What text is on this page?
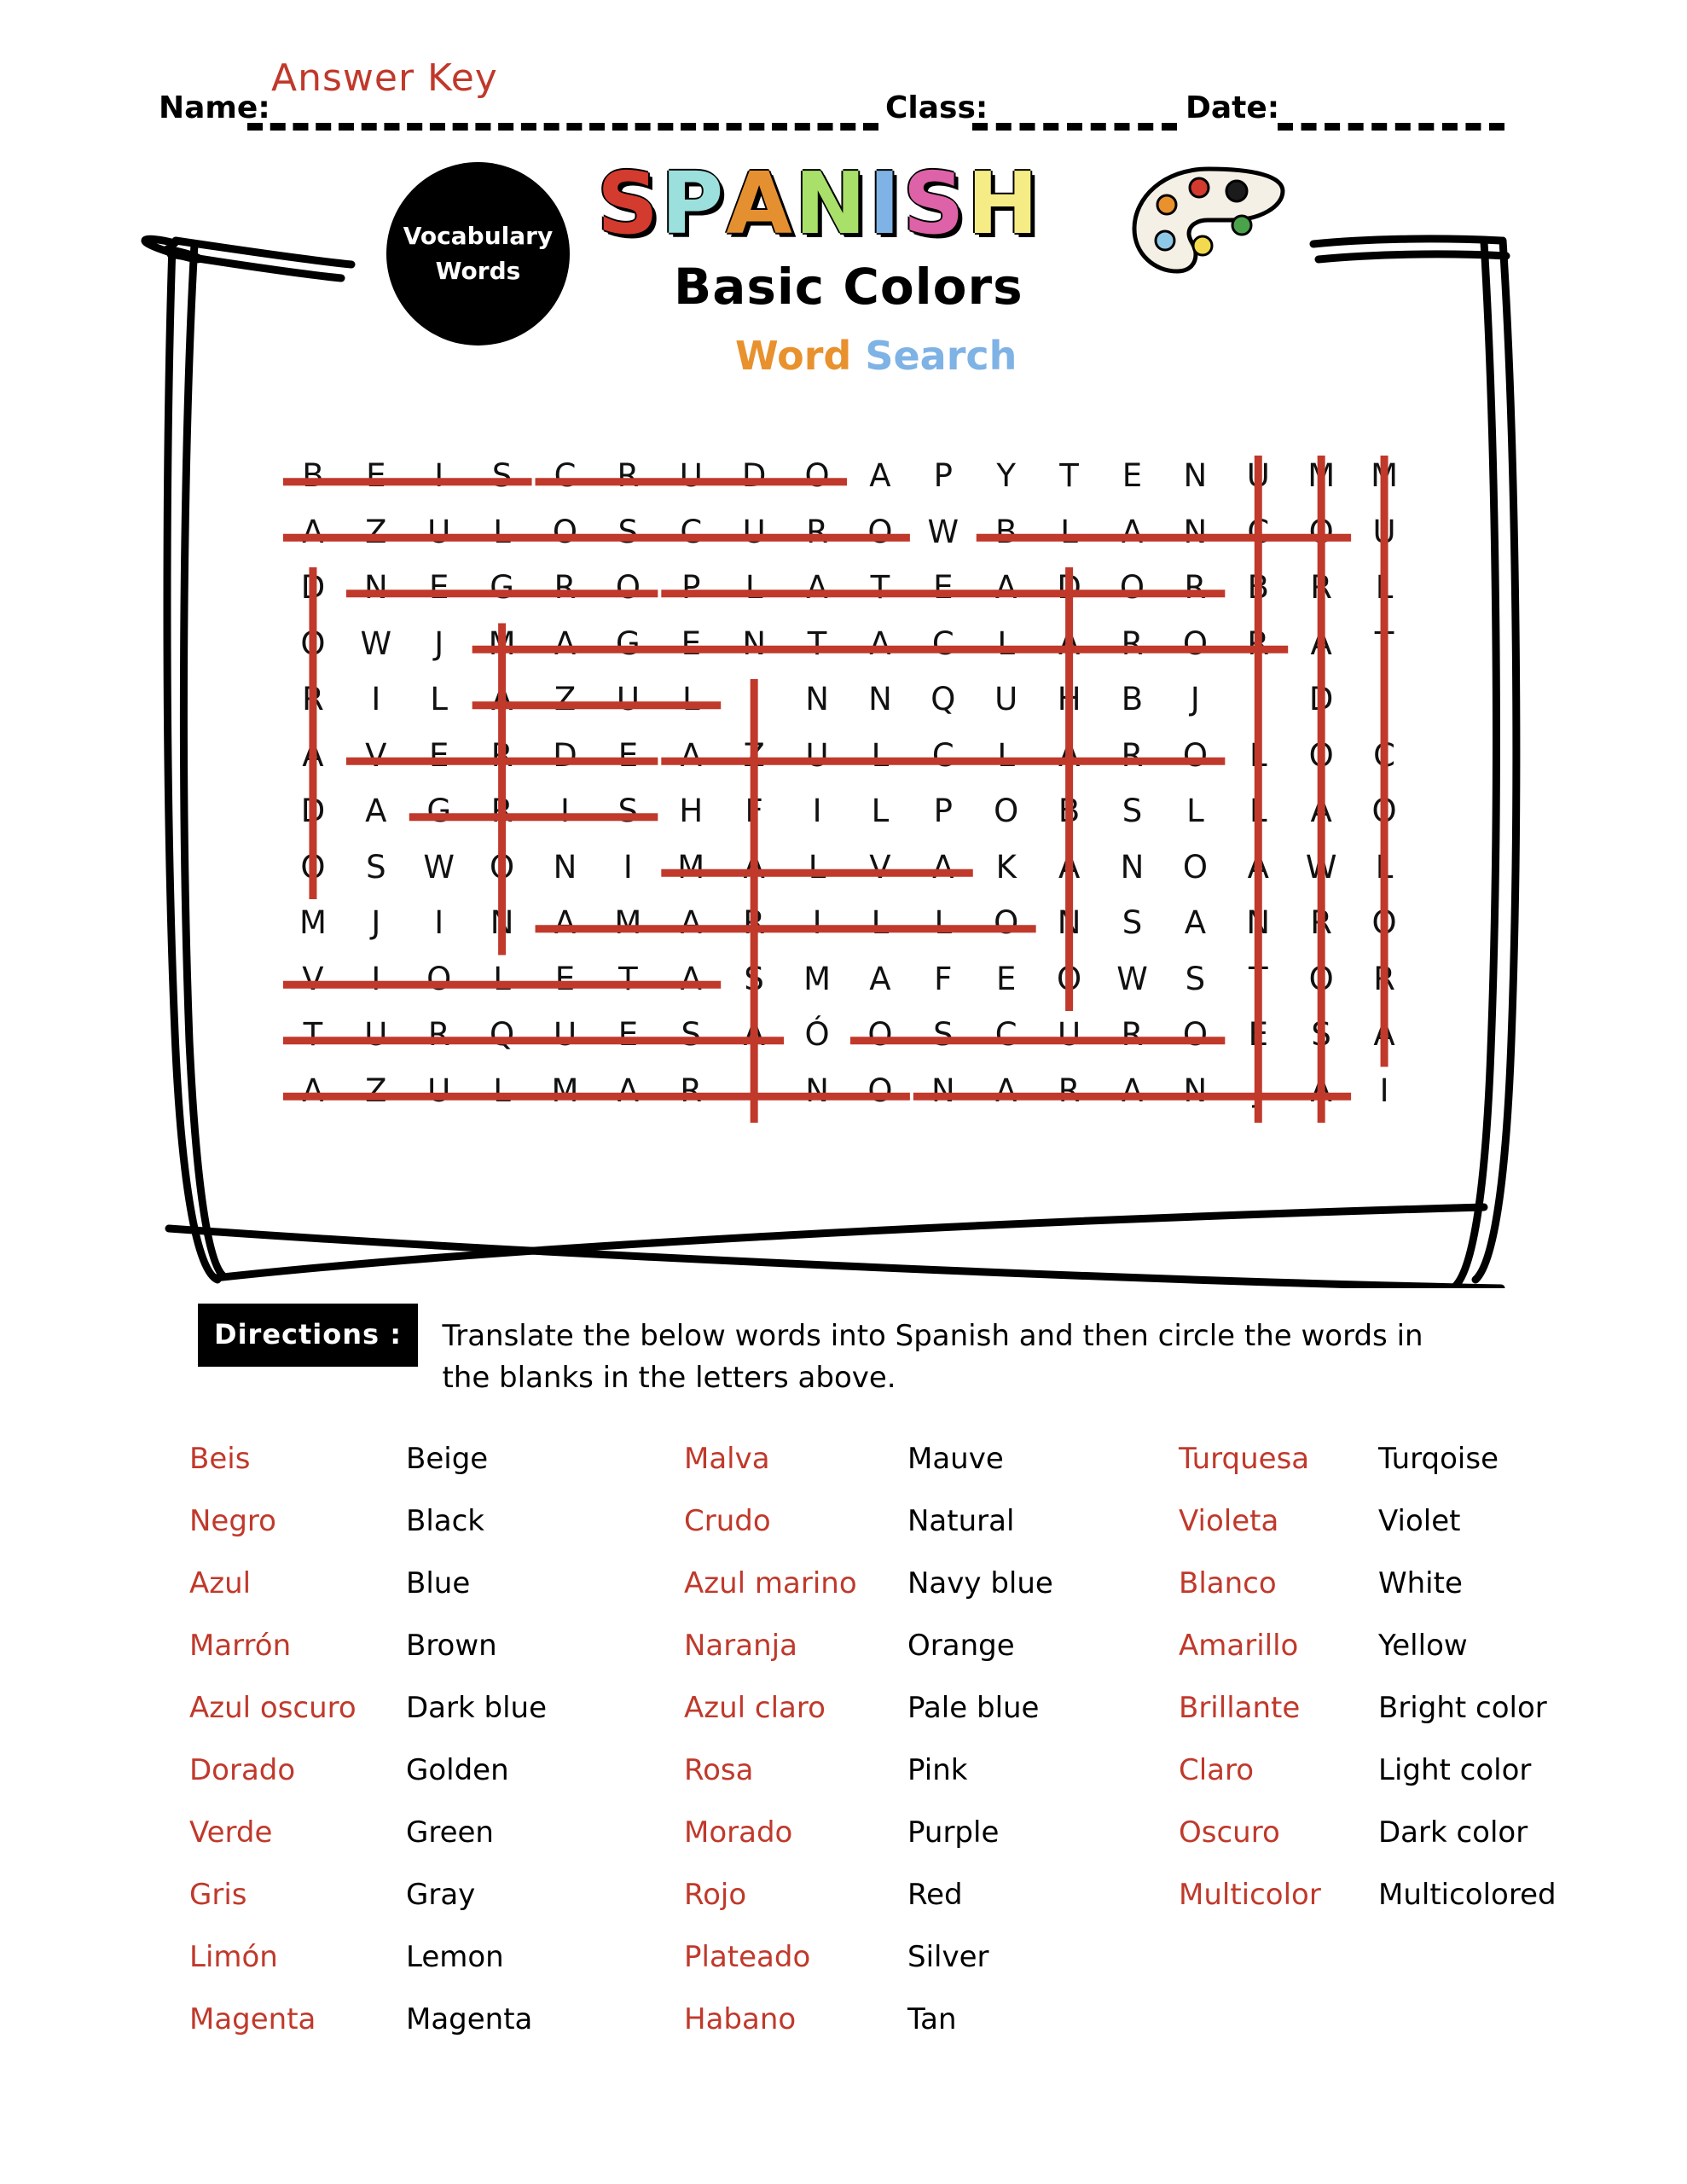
Answer Key
Name:	Class:	Date:
Vocabulary
Words
SPANISH
Basic Colors
Word Search
B	E	I	S	C	R	U	D	O	A	P	Y	T	E	N	U	M	M
A	Z	U	L	O	S	C	U	R	O	W	B	L	A	N	C	O	U
D	N	E	G	R	O	P	L	A	T	E	A	D	O	R	B	R	L
O	W	J	M	A	G	E	N	T	A	C	L	A	R	O	R	A	T
R	I	L	A	Z	U	L	I	N	N	Q	U	H	B	J	I	D	I
A	V	E	R	D	E	A	Z	U	L	C	L	A	R	O	L	O	C
D	A	G	R	I	S	H	F	I	L	P	O	B	S	L	L	A	O
O	S	W	Ó	N	I	M	A	L	V	A	K	A	N	O	A	W	L
M	J	I	N	A	M	A	R	I	L	L	O	N	S	A	N	R	O
V	I	O	L	E	T	A	S	M	A	F	E	O	W	S	T	O	R
T	U	R	Q	U	E	S	A	Ó	O	S	C	U	R	O	E	S	A
A	Z	U	L	M	A	R	I	N	O	N	A	R	A	N	J	A	I
Directions : Translate the below words into Spanish and then circle the words in the blanks in the letters above.
Beis	Beige
Negro	Black
Azul	Blue
Marrón	Brown
Azul oscuro	Dark blue
Dorado	Golden
Verde	Green
Gris	Gray
Limón	Lemon
Magenta	Magenta
Malva	Mauve
Crudo	Natural
Azul marino	Navy blue
Naranja	Orange
Azul claro	Pale blue
Rosa	Pink
Morado	Purple
Rojo	Red
Plateado	Silver
Habano	Tan
Turquesa	Turqoise
Violeta	Violet
Blanco	White
Amarillo	Yellow
Brillante	Bright color
Claro	Light color
Oscuro	Dark color
Multicolor	Multicolored
